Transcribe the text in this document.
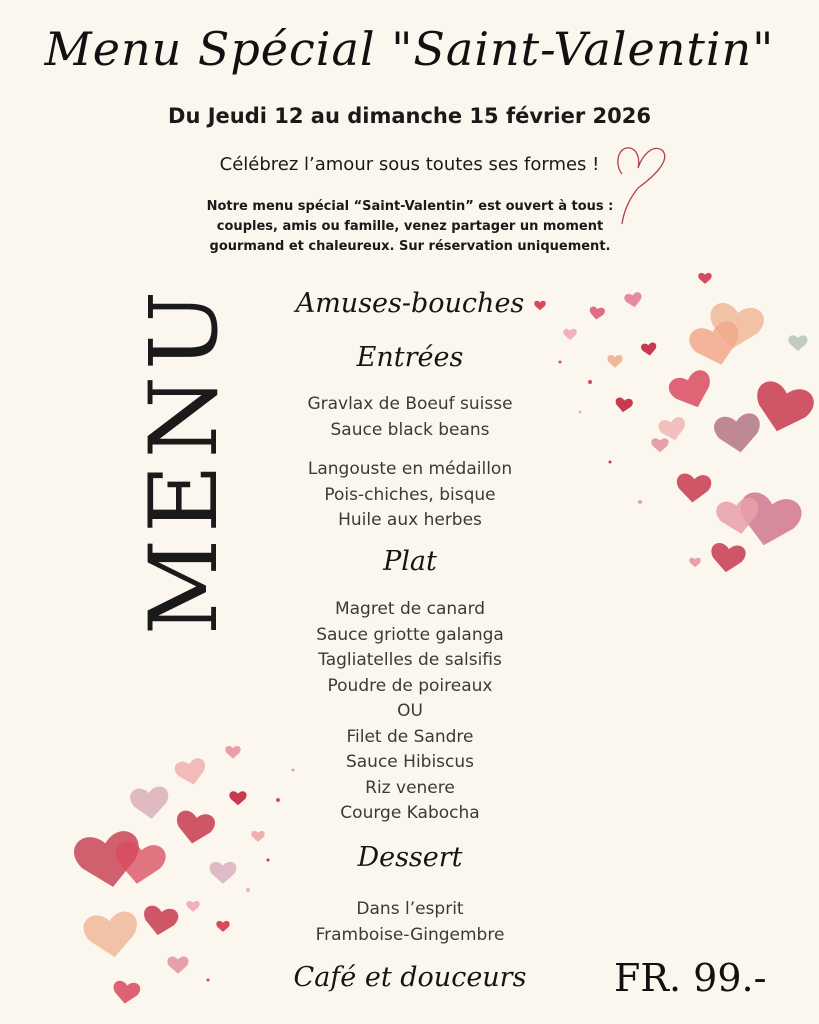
Menu Spécial "Saint-Valentin"
Du Jeudi 12 au dimanche 15 février 2026
Célébrez l’amour sous toutes ses formes !
Notre menu spécial “Saint-Valentin” est ouvert à tous :
couples, amis ou famille, venez partager un moment
gourmand et chaleureux. Sur réservation uniquement.
MENU	Amuses-bouches
Entrées
Gravlax de Boeuf suisse
Sauce black beans
Langouste en médaillon
Pois-chiches, bisque
Huile aux herbes
Plat
Magret de canard
Sauce griotte galanga
Tagliatelles de salsifis
Poudre de poireaux
OU
Filet de Sandre
Sauce Hibiscus
Riz venere
Courge Kabocha
Dessert
Dans l’esprit
Framboise-Gingembre
Café et douceurs	FR. 99.-
